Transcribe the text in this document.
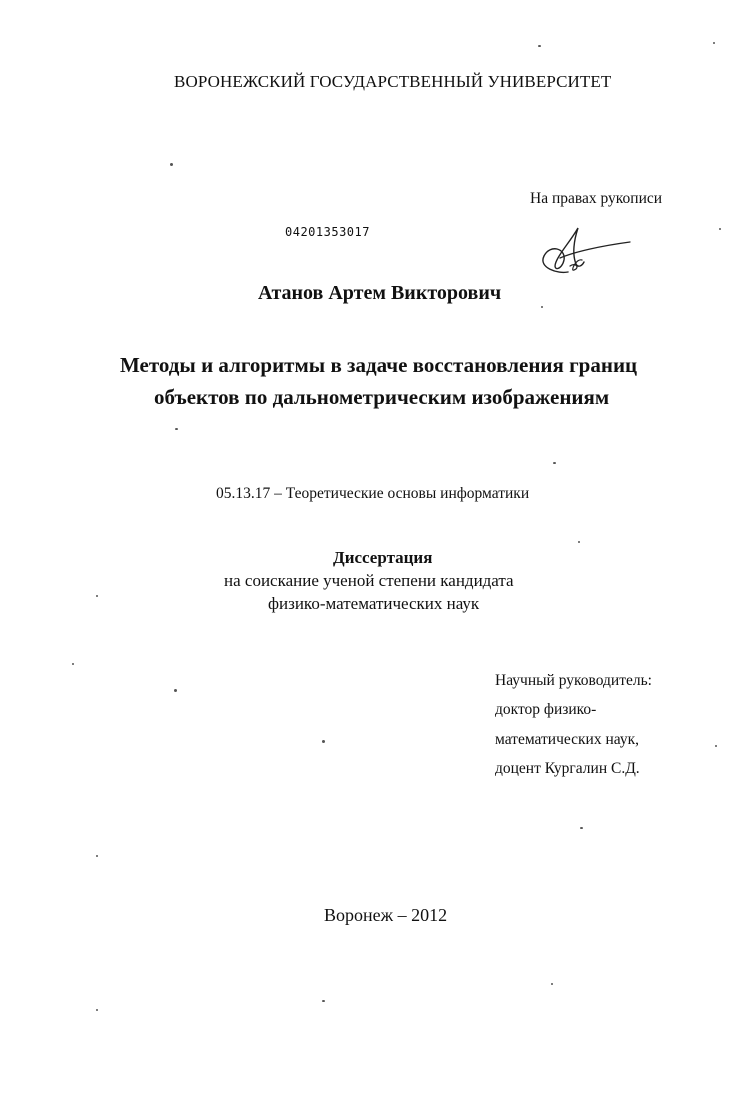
ВОРОНЕЖСКИЙ ГОСУДАРСТВЕННЫЙ УНИВЕРСИТЕТ
На правах рукописи
04201353017
Атанов Артем Викторович
Методы и алгоритмы в задаче восстановления границ
объектов по дальнометрическим изображениям
05.13.17 – Теоретические основы информатики
Диссертация
на соискание ученой степени кандидата
физико-математических наук
Научный руководитель:
доктор физико-
математических наук,
доцент Кургалин С.Д.
Воронеж – 2012
